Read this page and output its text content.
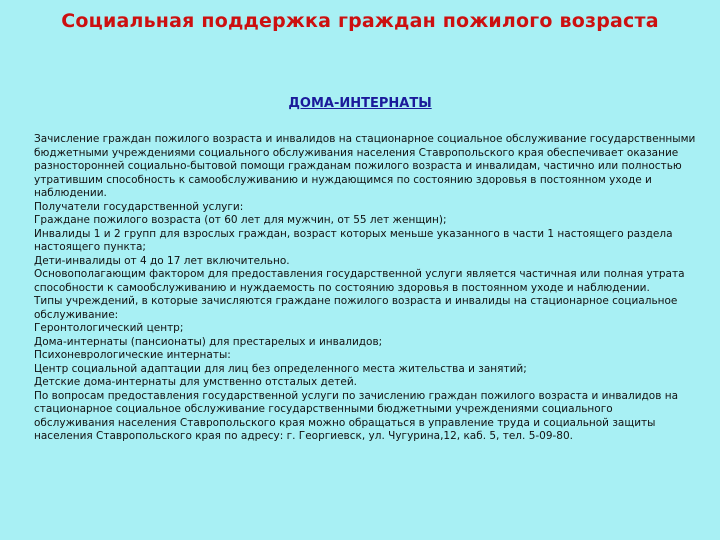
Социальная поддержка граждан пожилого возраста
ДОМА-ИНТЕРНАТЫ
Зачисление граждан пожилого возраста и инвалидов на стационарное социальное обслуживание государственными
бюджетными учреждениями социального обслуживания населения Ставропольского края обеспечивает оказание
разносторонней социально-бытовой помощи гражданам пожилого возраста и инвалидам, частично или полностью
утратившим способность к самообслуживанию и нуждающимся по состоянию здоровья в постоянном уходе и
наблюдении.
Получатели государственной услуги:
Граждане пожилого возраста (от 60 лет для мужчин, от 55 лет женщин);
Инвалиды 1 и 2 групп для взрослых граждан, возраст которых меньше указанного в части 1 настоящего раздела
настоящего пункта;
Дети-инвалиды от 4 до 17 лет включительно.
Основополагающим фактором для предоставления государственной услуги является частичная или полная утрата
способности к самообслуживанию и нуждаемость по состоянию здоровья в постоянном уходе и наблюдении.
Типы учреждений, в которые зачисляются граждане пожилого возраста и инвалиды на стационарное социальное
обслуживание:
Геронтологический центр;
Дома-интернаты (пансионаты) для престарелых и инвалидов;
Психоневрологические интернаты:
Центр социальной адаптации для лиц без определенного места жительства и занятий;
Детские дома-интернаты для умственно отсталых детей.
По вопросам предоставления государственной услуги по зачислению граждан пожилого возраста и инвалидов на
стационарное социальное обслуживание государственными бюджетными учреждениями социального
обслуживания населения Ставропольского края можно обращаться в управление труда и социальной защиты
населения Ставропольского края по адресу: г. Георгиевск, ул. Чугурина,12, каб. 5, тел. 5-09-80.
